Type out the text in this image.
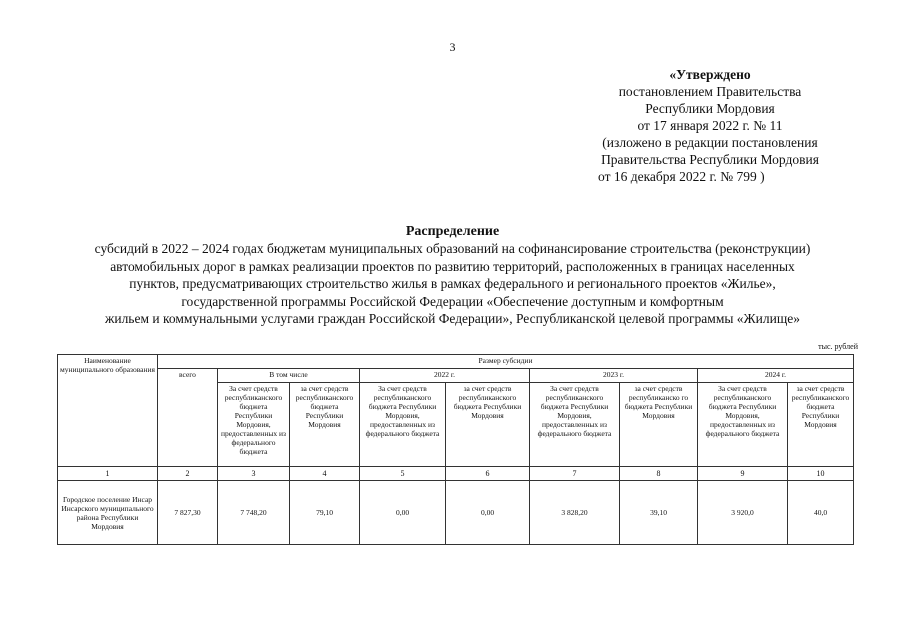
3
«Утверждено
постановлением Правительства
Республики Мордовия
от 17 января 2022 г. № 11
(изложено в редакции постановления
Правительства Республики Мордовия
от 16 декабря 2022 г. № 799 )
Распределение
субсидий в 2022 – 2024 годах бюджетам муниципальных образований на софинансирование строительства (реконструкции)
автомобильных дорог в рамках реализации проектов по развитию территорий, расположенных в границах населенных
пунктов, предусматривающих строительство жилья в рамках федерального и регионального проектов «Жилье»,
государственной программы Российской Федерации «Обеспечение доступным и комфортным
жильем и коммунальными услугами граждан Российской Федерации», Республиканской целевой программы «Жилище»
тыс. рублей
Наименование муниципального образования	Размер субсидии								
	всего	В том числе		2022 г.		2023 г.		2024 г.	
		За счет средств республиканского бюджета Республики Мордовия, предоставленных из федерального бюджета	за счет средств республиканского бюджета Республики Мордовия	За счет средств республиканского бюджета Республики Мордовия, предоставленных из федерального бюджета	за счет средств республиканского бюджета Республики Мордовия	За счет средств республиканского бюджета Республики Мордовия, предоставленных из федерального бюджета	за счет средств республиканско го бюджета Республики Мордовия	За счет средств республиканского бюджета Республики Мордовия, предоставленных из федерального бюджета	за счет средств республиканского бюджета Республики Мордовия
1	2	3	4	5	6	7	8	9	10
Городское поселение Инсар Инсарского муниципального района Республики Мордовия	7 827,30	7 748,20	79,10	0,00	0,00	3 828,20	39,10	3 920,0	40,0
